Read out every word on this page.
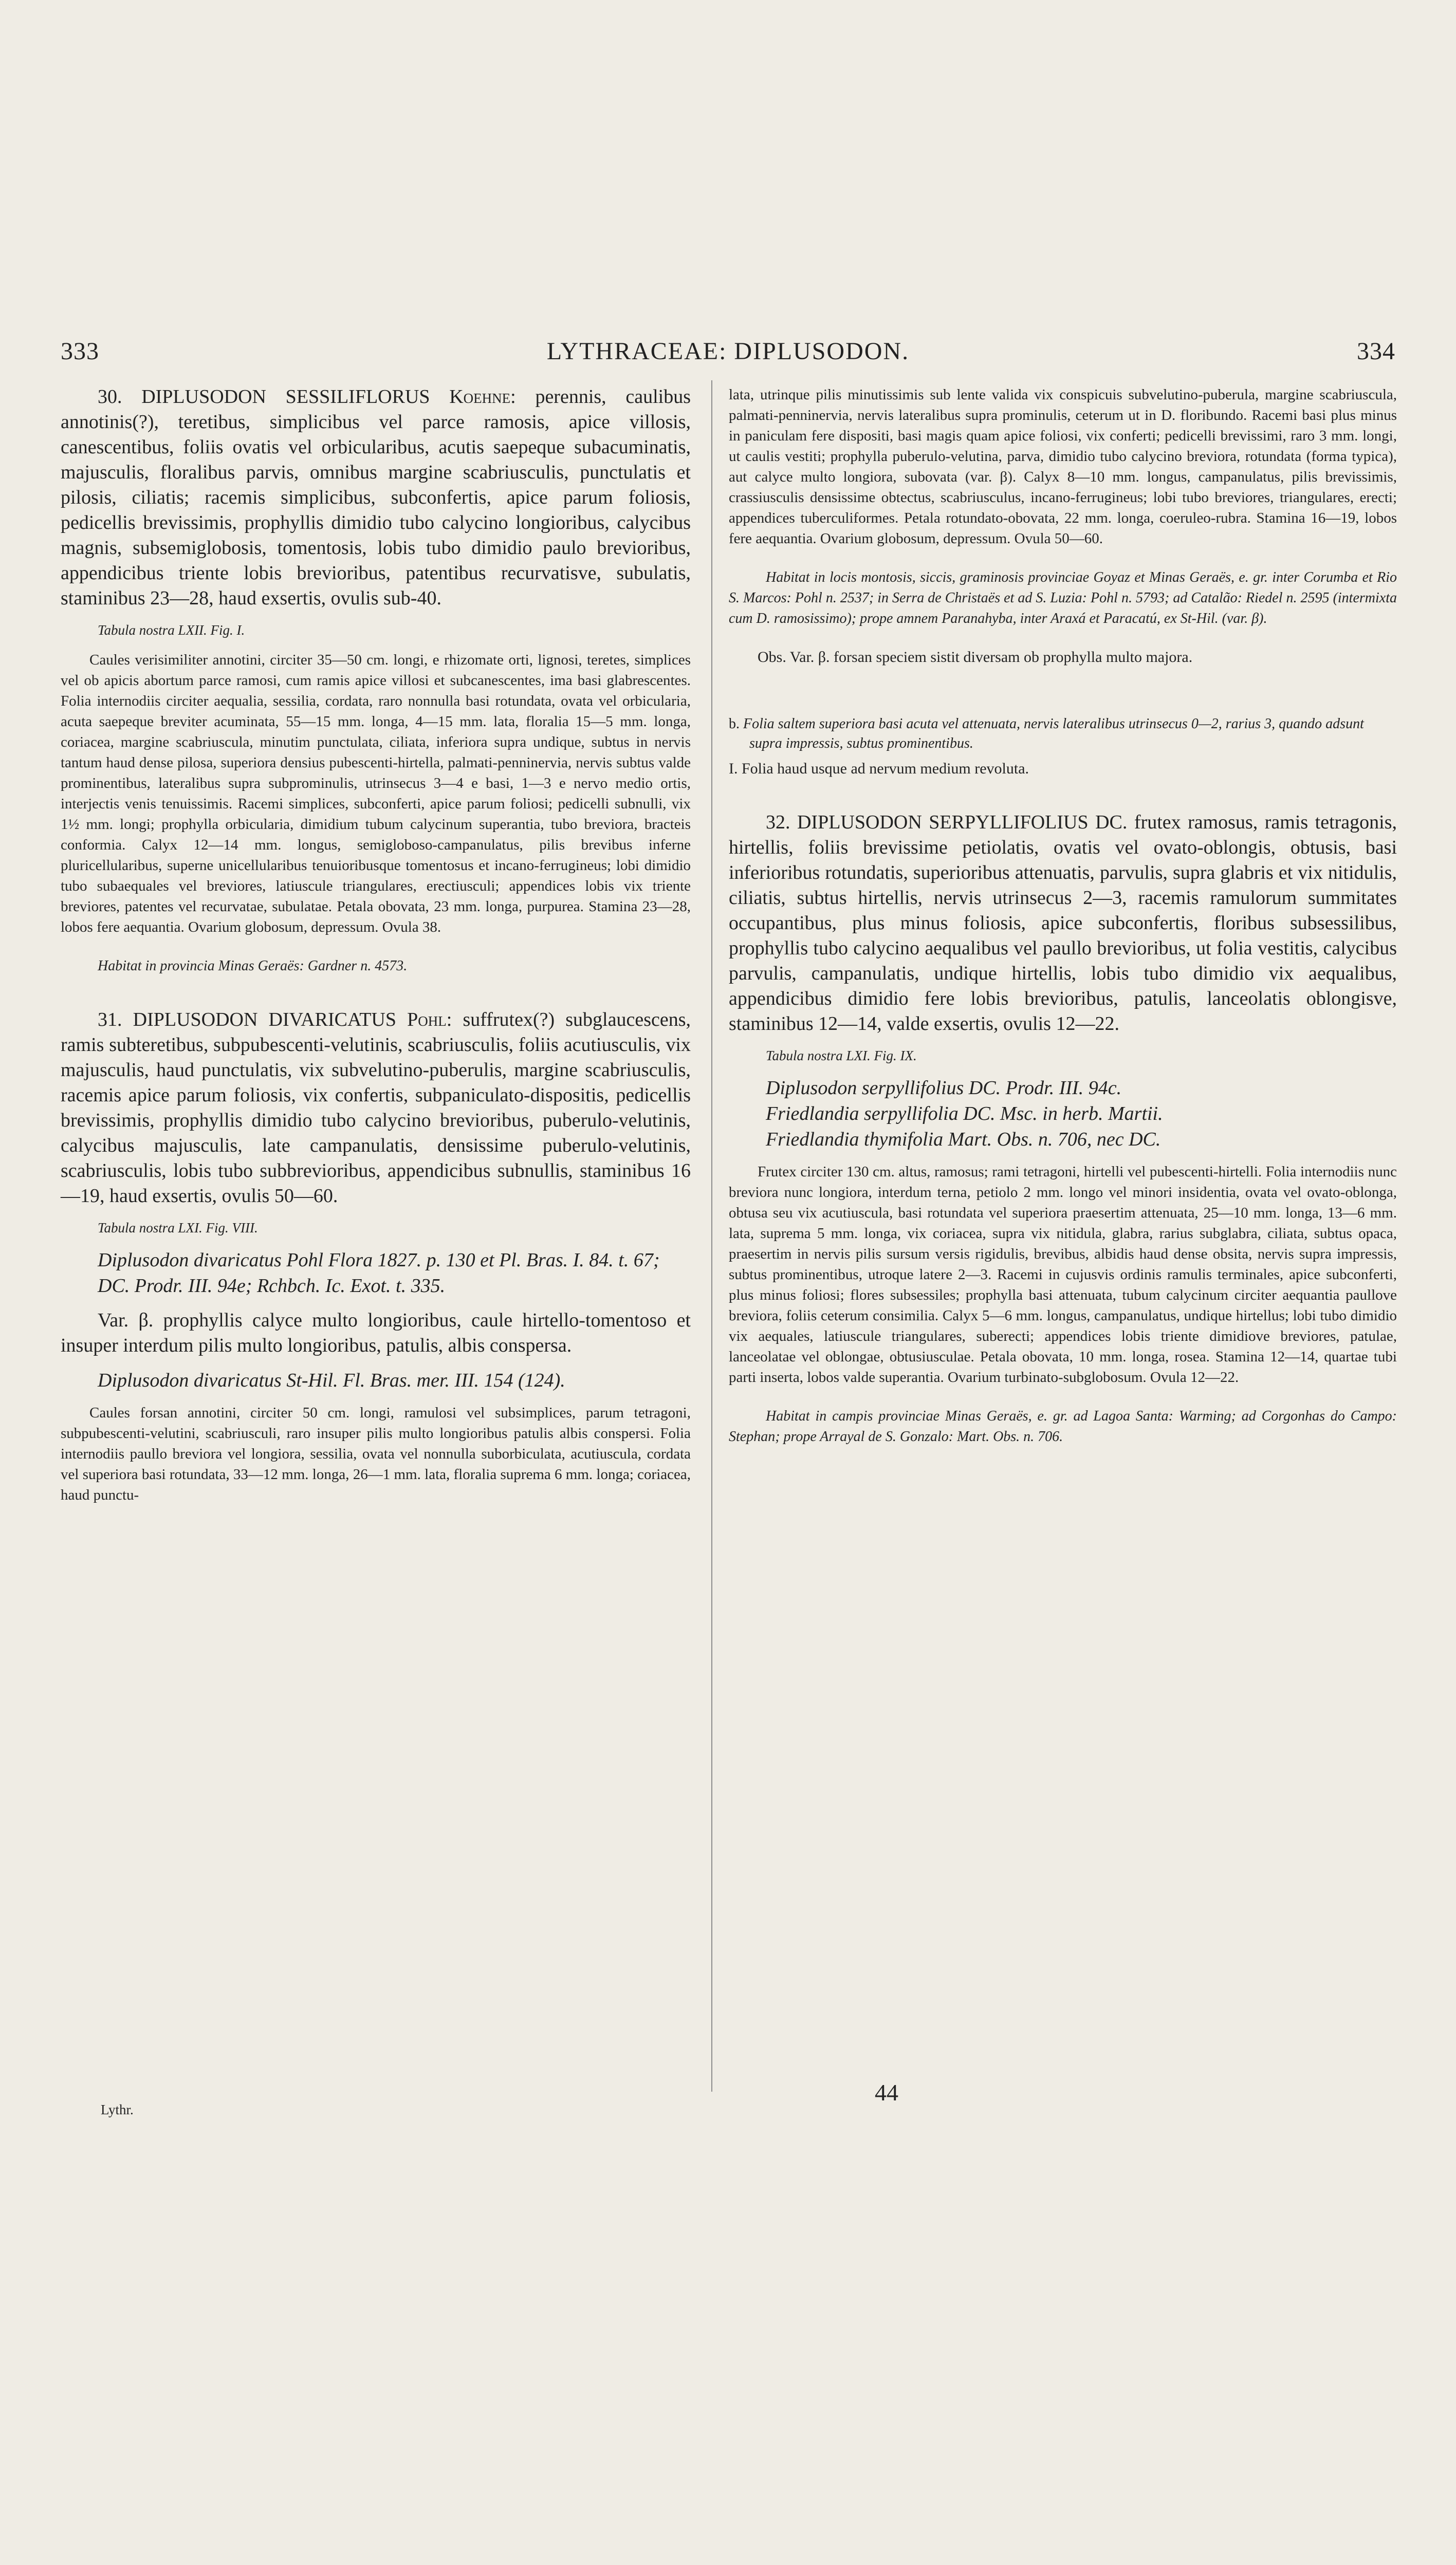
333	LYTHRACEAE: DIPLUSODON.	334

30. DIPLUSODON SESSILIFLORUS Koehne: perennis, caulibus annotinis(?), teretibus, simplicibus vel parce ramosis, apice villosis, canescentibus, foliis ovatis vel orbicularibus, acutis saepeque subacuminatis, majusculis, floralibus parvis, omnibus margine scabriusculis, punctulatis et pilosis, ciliatis; racemis simplicibus, subconfertis, apice parum foliosis, pedicellis brevissimis, prophyllis dimidio tubo calycino longioribus, calycibus magnis, subsemiglobosis, tomentosis, lobis tubo dimidio paulo brevioribus, appendicibus triente lobis brevioribus, patentibus recurvatisve, subulatis, staminibus 23—28, haud exsertis, ovulis sub-40.

Tabula nostra LXII. Fig. I.

Caules verisimiliter annotini, circiter 35—50 cm. longi, e rhizomate orti, lignosi, teretes, simplices vel ob apicis abortum parce ramosi, cum ramis apice villosi et subcanescentes, ima basi glabrescentes. Folia internodiis circiter aequalia, sessilia, cordata, raro nonnulla basi rotundata, ovata vel orbicularia, acuta saepeque breviter acuminata, 55—15 mm. longa, 4—15 mm. lata, floralia 15—5 mm. longa, coriacea, margine scabriuscula, minutim punctulata, ciliata, inferiora supra undique, subtus in nervis tantum haud dense pilosa, superiora densius pubescenti-hirtella, palmati-penninervia, nervis subtus valde prominentibus, lateralibus supra subprominulis, utrinsecus 3—4 e basi, 1—3 e nervo medio ortis, interjectis venis tenuissimis. Racemi simplices, subconferti, apice parum foliosi; pedicelli subnulli, vix 1½ mm. longi; prophylla orbicularia, dimidium tubum calycinum superantia, tubo breviora, bracteis conformia. Calyx 12—14 mm. longus, semigloboso-campanulatus, pilis brevibus inferne pluricellularibus, superne unicellularibus tenuioribusque tomentosus et incano-ferrugineus; lobi dimidio tubo subaequales vel breviores, latiuscule triangulares, erectiusculi; appendices lobis vix triente breviores, patentes vel recurvatae, subulatae. Petala obovata, 23 mm. longa, purpurea. Stamina 23—28, lobos fere aequantia. Ovarium globosum, depressum. Ovula 38.

Habitat in provincia Minas Geraës: Gardner n. 4573.

31. DIPLUSODON DIVARICATUS Pohl: suffrutex(?) subglaucescens, ramis subteretibus, subpubescenti-velutinis, scabriusculis, foliis acutiusculis, vix majusculis, haud punctulatis, vix subvelutino-puberulis, margine scabriusculis, racemis apice parum foliosis, vix confertis, subpaniculato-dispositis, pedicellis brevissimis, prophyllis dimidio tubo calycino brevioribus, puberulo-velutinis, calycibus majusculis, late campanulatis, densissime puberulo-velutinis, scabriusculis, lobis tubo subbrevioribus, appendicibus subnullis, staminibus 16—19, haud exsertis, ovulis 50—60.

Tabula nostra LXI. Fig. VIII.

Diplusodon divaricatus Pohl Flora 1827. p. 130 et Pl. Bras. I. 84. t. 67; DC. Prodr. III. 94e; Rchbch. Ic. Exot. t. 335.

Var. β. prophyllis calyce multo longioribus, caule hirtello-tomentoso et insuper interdum pilis multo longioribus, patulis, albis conspersa.

Diplusodon divaricatus St-Hil. Fl. Bras. mer. III. 154 (124).

Caules forsan annotini, circiter 50 cm. longi, ramulosi vel subsimplices, parum tetragoni, subpubescenti-velutini, scabriusculi, raro insuper pilis multo longioribus patulis albis conspersi. Folia internodiis paullo breviora vel longiora, sessilia, ovata vel nonnulla suborbiculata, acutiuscula, cordata vel superiora basi rotundata, 33—12 mm. longa, 26—1 mm. lata, floralia suprema 6 mm. longa; coriacea, haud punctu-

Lythr.

lata, utrinque pilis minutissimis sub lente valida vix conspicuis subvelutino-puberula, margine scabriuscula, palmati-penninervia, nervis lateralibus supra prominulis, ceterum ut in D. floribundo. Racemi basi plus minus in paniculam fere dispositi, basi magis quam apice foliosi, vix conferti; pedicelli brevissimi, raro 3 mm. longi, ut caulis vestiti; prophylla puberulo-velutina, parva, dimidio tubo calycino breviora, rotundata (forma typica), aut calyce multo longiora, subovata (var. β). Calyx 8—10 mm. longus, campanulatus, pilis brevissimis, crassiusculis densissime obtectus, scabriusculus, incano-ferrugineus; lobi tubo breviores, triangulares, erecti; appendices tuberculiformes. Petala rotundato-obovata, 22 mm. longa, coeruleo-rubra. Stamina 16—19, lobos fere aequantia. Ovarium globosum, depressum. Ovula 50—60.

Habitat in locis montosis, siccis, graminosis provinciae Goyaz et Minas Geraës, e. gr. inter Corumba et Rio S. Marcos: Pohl n. 2537; in Serra de Christaës et ad S. Luzia: Pohl n. 5793; ad Catalão: Riedel n. 2595 (intermixta cum D. ramosissimo); prope amnem Paranahyba, inter Araxá et Paracatú, ex St-Hil. (var. β).

Obs. Var. β. forsan speciem sistit diversam ob prophylla multo majora.

b. Folia saltem superiora basi acuta vel attenuata, nervis lateralibus utrinsecus 0—2, rarius 3, quando adsunt supra impressis, subtus prominentibus.

I. Folia haud usque ad nervum medium revoluta.

32. DIPLUSODON SERPYLLIFOLIUS DC. frutex ramosus, ramis tetragonis, hirtellis, foliis brevissime petiolatis, ovatis vel ovato-oblongis, obtusis, basi inferioribus rotundatis, superioribus attenuatis, parvulis, supra glabris et vix nitidulis, ciliatis, subtus hirtellis, nervis utrinsecus 2—3, racemis ramulorum summitates occupantibus, plus minus foliosis, apice subconfertis, floribus subsessilibus, prophyllis tubo calycino aequalibus vel paullo brevioribus, ut folia vestitis, calycibus parvulis, campanulatis, undique hirtellis, lobis tubo dimidio vix aequalibus, appendicibus dimidio fere lobis brevioribus, patulis, lanceolatis oblongisve, staminibus 12—14, valde exsertis, ovulis 12—22.

Tabula nostra LXI. Fig. IX.

Diplusodon serpyllifolius DC. Prodr. III. 94c.

Friedlandia serpyllifolia DC. Msc. in herb. Martii.

Friedlandia thymifolia Mart. Obs. n. 706, nec DC.

Frutex circiter 130 cm. altus, ramosus; rami tetragoni, hirtelli vel pubescenti-hirtelli. Folia internodiis nunc breviora nunc longiora, interdum terna, petiolo 2 mm. longo vel minori insidentia, ovata vel ovato-oblonga, obtusa seu vix acutiuscula, basi rotundata vel superiora praesertim attenuata, 25—10 mm. longa, 13—6 mm. lata, suprema 5 mm. longa, vix coriacea, supra vix nitidula, glabra, rarius subglabra, ciliata, subtus opaca, praesertim in nervis pilis sursum versis rigidulis, brevibus, albidis haud dense obsita, nervis supra impressis, subtus prominentibus, utroque latere 2—3. Racemi in cujusvis ordinis ramulis terminales, apice subconferti, plus minus foliosi; flores subsessiles; prophylla basi attenuata, tubum calycinum circiter aequantia paullove breviora, foliis ceterum consimilia. Calyx 5—6 mm. longus, campanulatus, undique hirtellus; lobi tubo dimidio vix aequales, latiuscule triangulares, suberecti; appendices lobis triente dimidiove breviores, patulae, lanceolatae vel oblongae, obtusiusculae. Petala obovata, 10 mm. longa, rosea. Stamina 12—14, quartae tubi parti inserta, lobos valde superantia. Ovarium turbinato-subglobosum. Ovula 12—22.

Habitat in campis provinciae Minas Geraës, e. gr. ad Lagoa Santa: Warming; ad Corgonhas do Campo: Stephan; prope Arrayal de S. Gonzalo: Mart. Obs. n. 706.

44
